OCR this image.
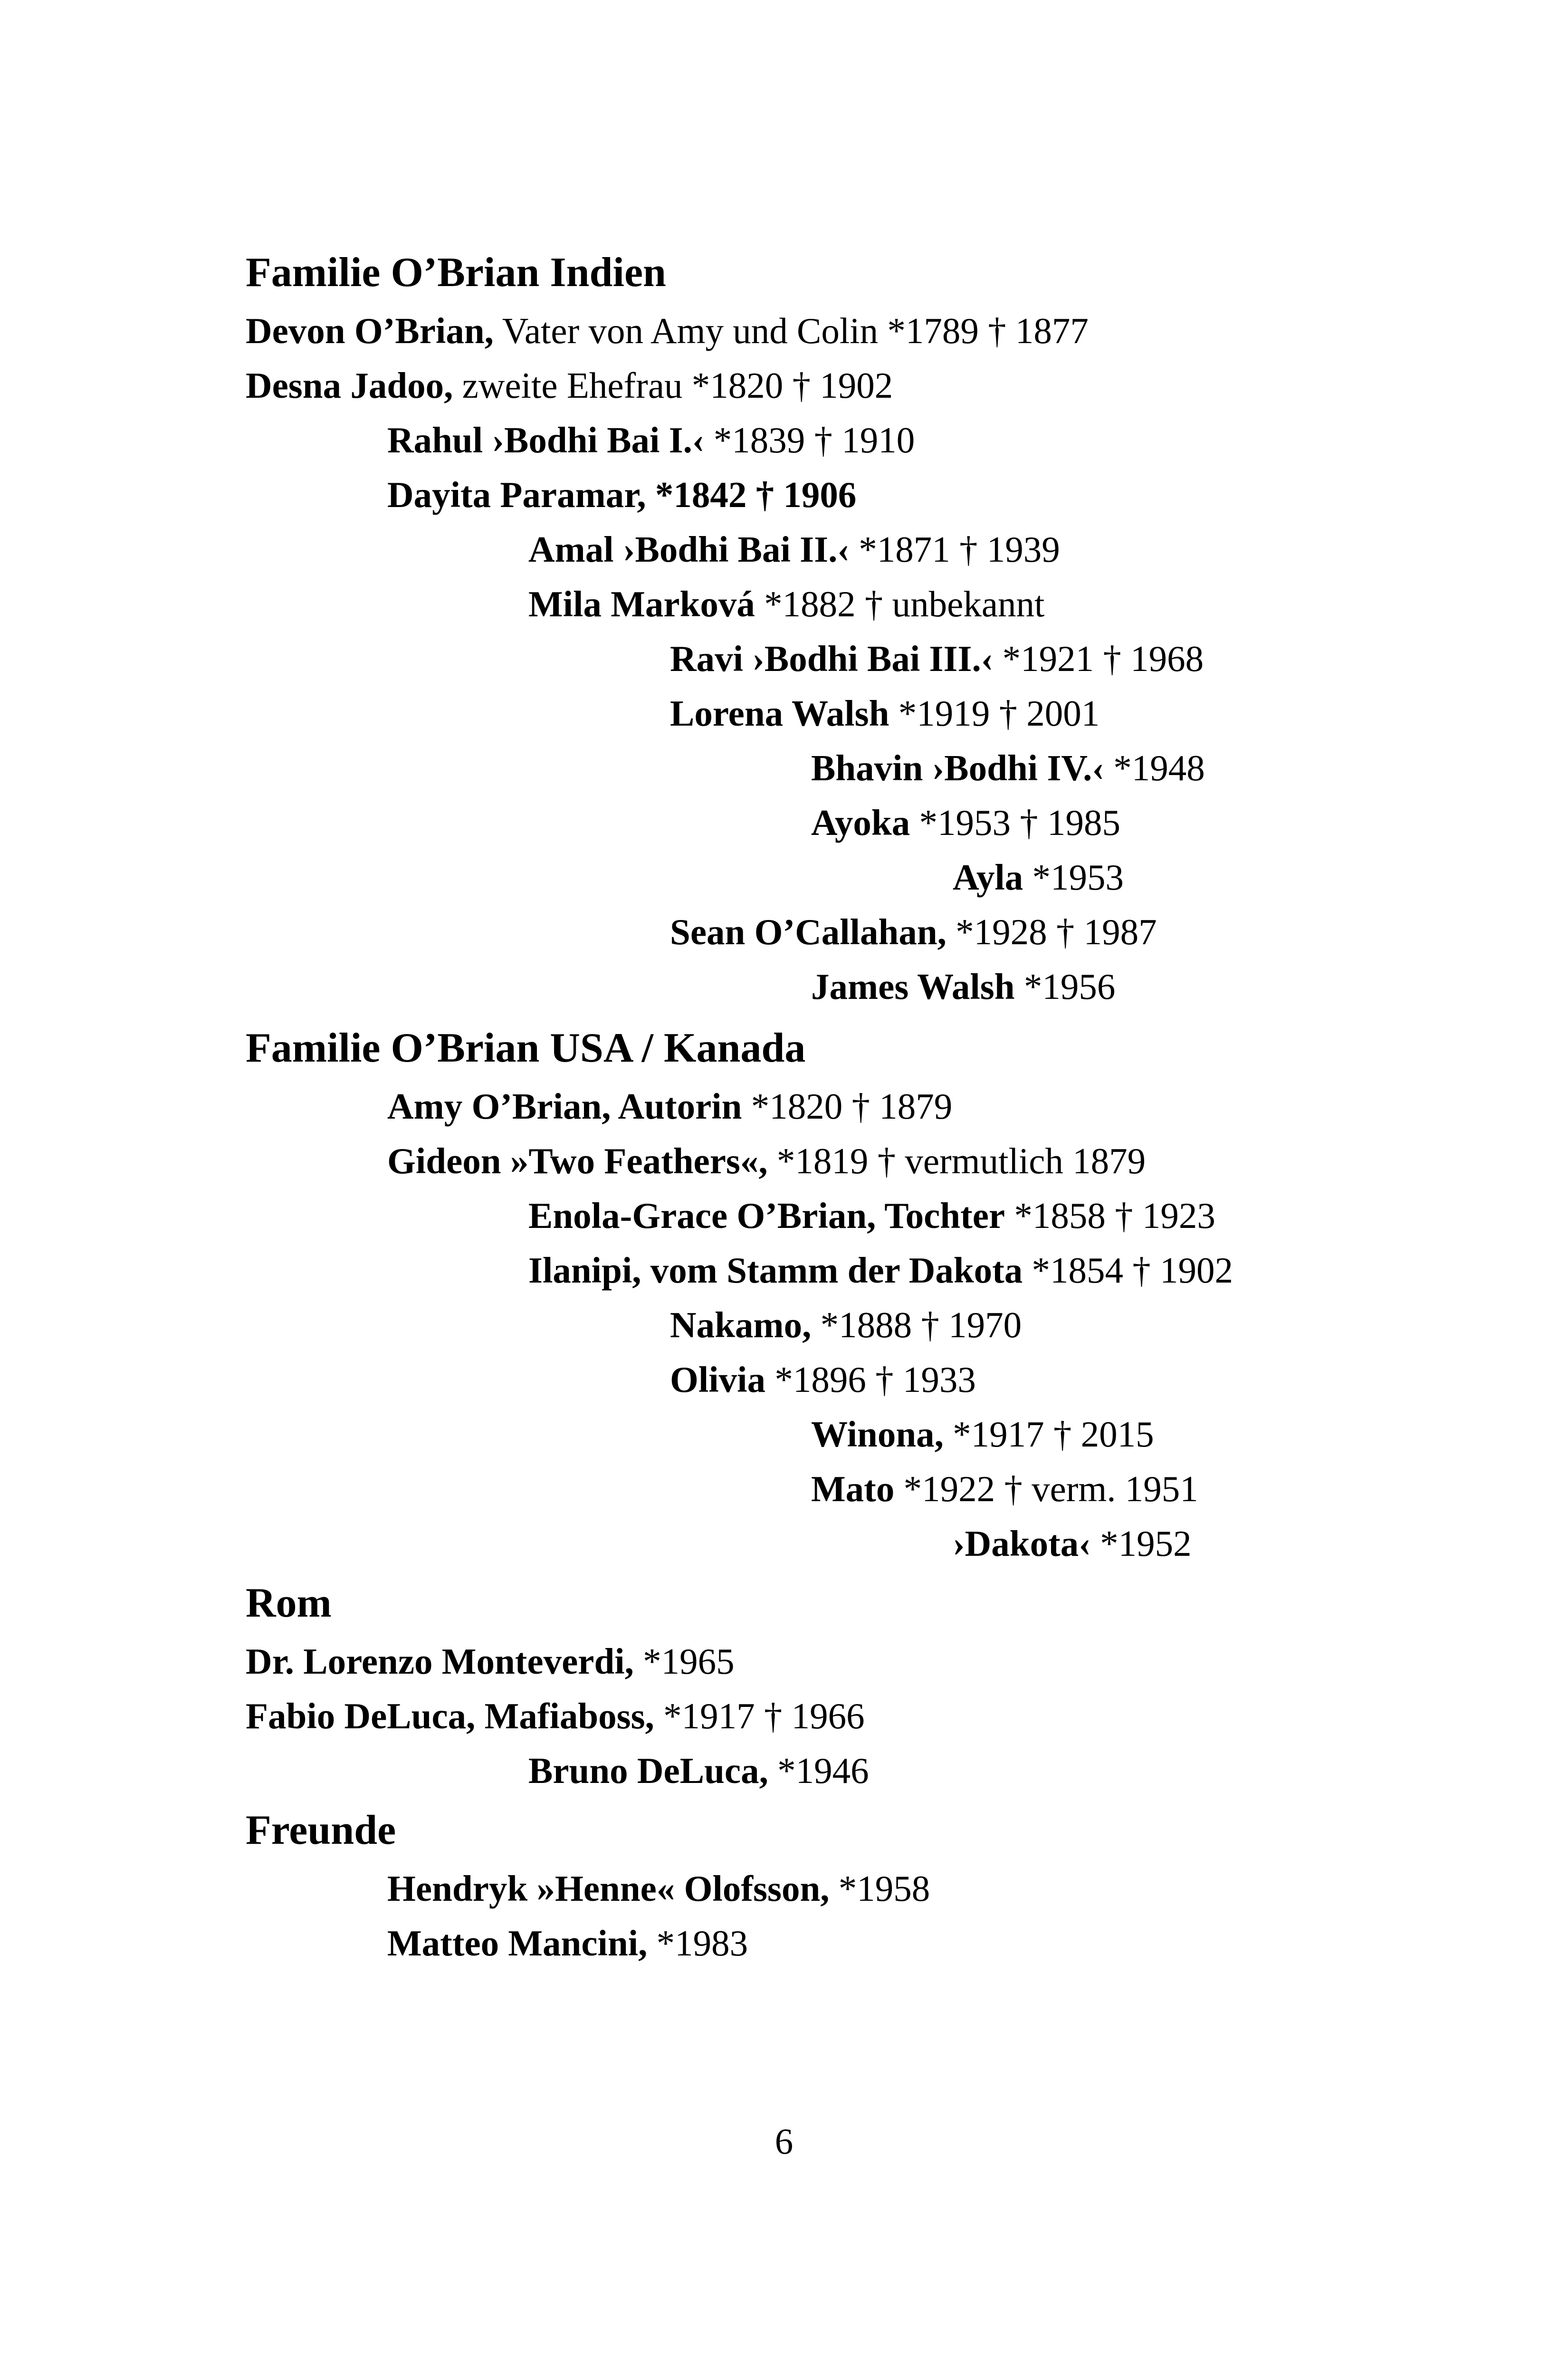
Familie O’Brian Indien
Devon O’Brian, Vater von Amy und Colin *1789 † 1877
Desna Jadoo, zweite Ehefrau *1820 † 1902
Rahul ›Bodhi Bai I.‹ *1839 † 1910
Dayita Paramar, *1842 † 1906
Amal ›Bodhi Bai II.‹ *1871 † 1939
Mila Marková *1882 † unbekannt
Ravi ›Bodhi Bai III.‹ *1921 † 1968
Lorena Walsh *1919 † 2001
Bhavin ›Bodhi IV.‹ *1948
Ayoka *1953 † 1985
Ayla *1953
Sean O’Callahan, *1928 † 1987
James Walsh *1956
Familie O’Brian USA / Kanada
Amy O’Brian, Autorin *1820 † 1879
Gideon »Two Feathers«, *1819 † vermutlich 1879
Enola-Grace O’Brian, Tochter *1858 † 1923
Ilanipi, vom Stamm der Dakota *1854 † 1902
Nakamo, *1888 † 1970
Olivia *1896 † 1933
Winona, *1917 † 2015
Mato *1922 † verm. 1951
›Dakota‹ *1952
Rom
Dr. Lorenzo Monteverdi, *1965
Fabio DeLuca, Mafiaboss, *1917 † 1966
Bruno DeLuca, *1946
Freunde
Hendryk »Henne« Olofsson, *1958
Matteo Mancini, *1983
6
